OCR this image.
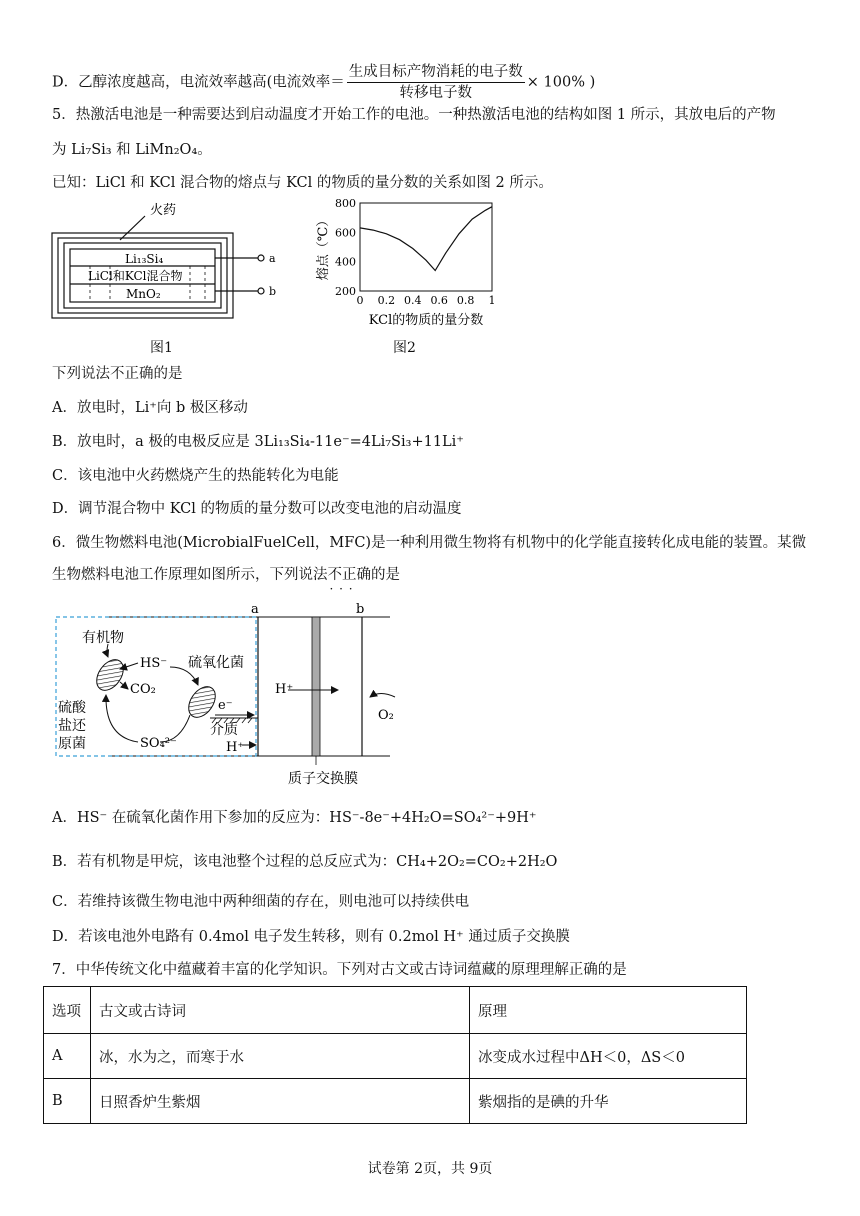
D．乙醇浓度越高，电流效率越高(电流效率＝ $\frac{\text{生成目标产物消耗的电子数}}{\text{转移电子数}} \times 100\%$ )
5．热激活电池是一种需要达到启动温度才开始工作的电池。一种热激活电池的结构如图 1 所示，其放电后的产物
为 Li₇Si₃ 和 LiMn₂O₄。
已知：LiCl 和 KCl 混合物的熔点与 KCl 的物质的量分数的关系如图 2 所示。
火药
Li₁₃Si₄
LiCl和KCl混合物
MnO₂
a
b
图1
200
400
600
800
0 0.2 0.4 0.6 0.8 1
KCl的物质的量分数
熔点（℃）
图2
下列说法不正确的是
A．放电时，Li⁺向 b 极区移动
B．放电时，a 极的电极反应是 3Li₁₃Si₄-11e⁻=4Li₇Si₃+11Li⁺
C．该电池中火药燃烧产生的热能转化为电能
D．调节混合物中 KCl 的物质的量分数可以改变电池的启动温度
6．微生物燃料电池(MicrobialFuelCell，MFC)是一种利用微生物将有机物中的化学能直接转化成电能的装置。某微
生物燃料电池工作原理如图所示，下列说法不正确 · · ·的是
a	b
有机物
HS⁻
CO₂
硫氧化菌
硫酸
盐还
原菌	SO₄²⁻
e⁻
介质
H⁺
H⁺
O₂
质子交换膜
A．HS⁻ 在硫氧化菌作用下参加的反应为：HS⁻-8e⁻+4H₂O=SO₄²⁻+9H⁺
B．若有机物是甲烷，该电池整个过程的总反应式为：CH₄+2O₂=CO₂+2H₂O
C．若维持该微生物电池中两种细菌的存在，则电池可以持续供电
D．若该电池外电路有 0.4mol 电子发生转移，则有 0.2mol H⁺ 通过质子交换膜
7．中华传统文化中蕴藏着丰富的化学知识。下列对古文或古诗词蕴藏的原理理解正确的是
选项	古文或古诗词	原理
A	冰，水为之，而寒于水	冰变成水过程中ΔH＜0，ΔS＜0
B	日照香炉生紫烟	紫烟指的是碘的升华
试卷第 2页，共 9页
